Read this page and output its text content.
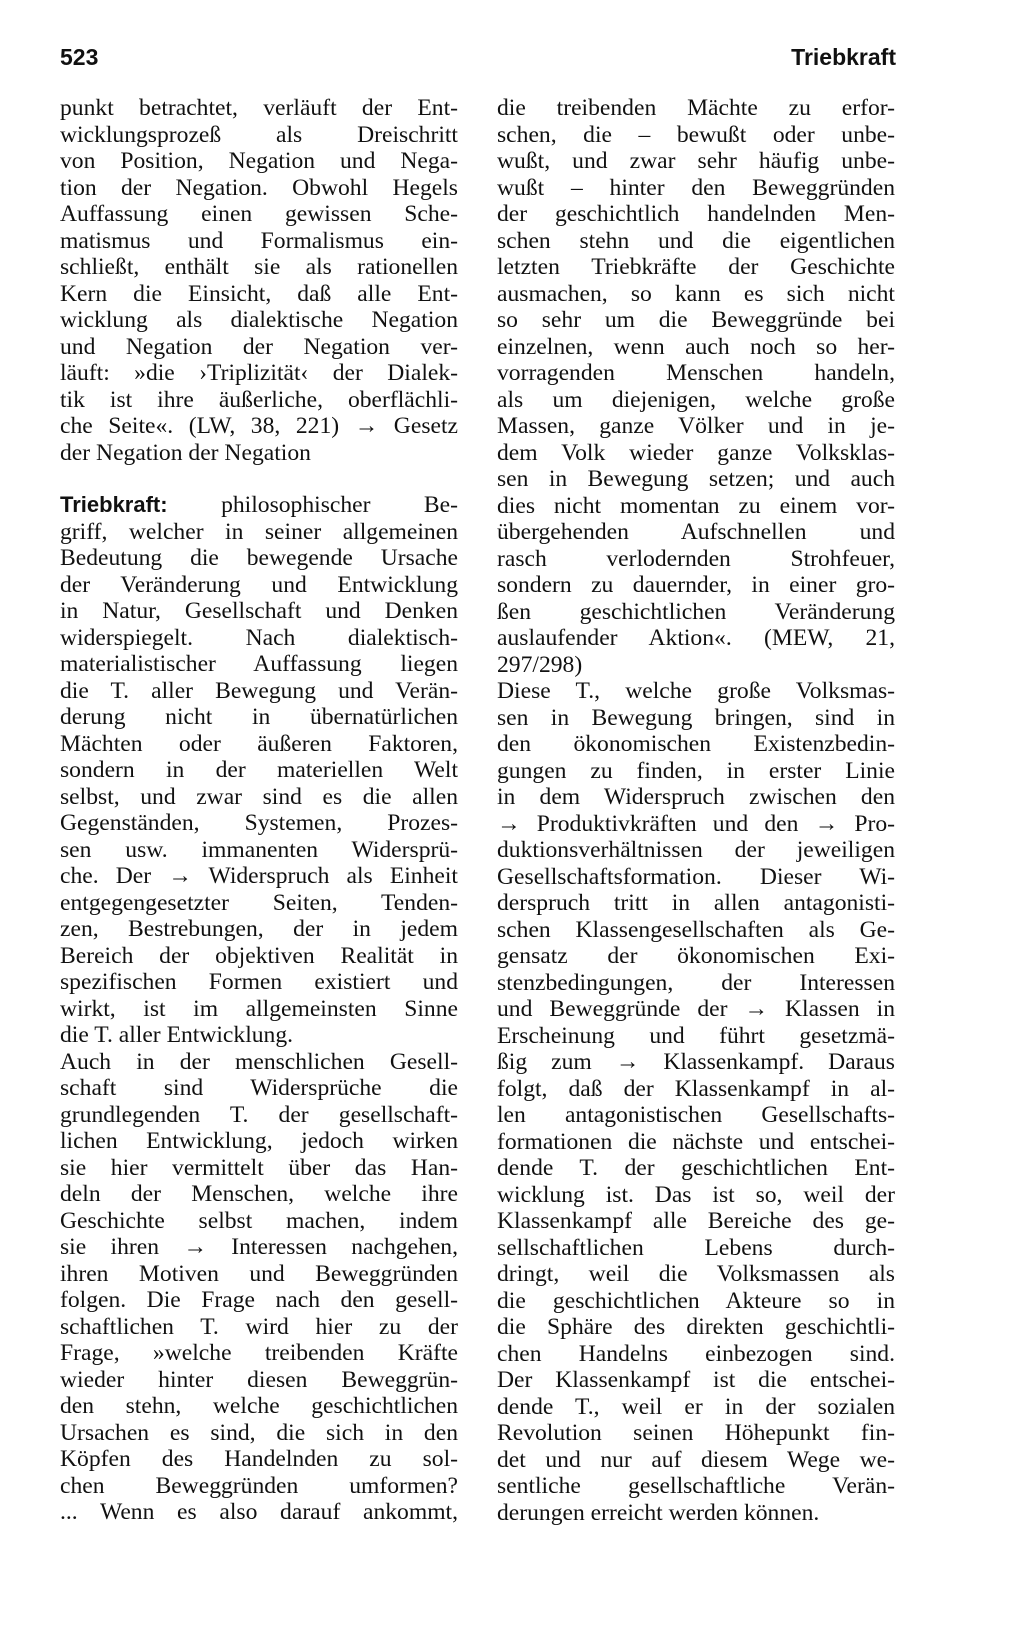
523	Triebkraft
punkt betrachtet, verläuft der Ent-
wicklungsprozeß als Dreischritt
von Position, Negation und Nega-
tion der Negation. Obwohl Hegels
Auffassung einen gewissen Sche-
matismus und Formalismus ein-
schließt, enthält sie als rationellen
Kern die Einsicht, daß alle Ent-
wicklung als dialektische Negation
und Negation der Negation ver-
läuft: »die ›Triplizität‹ der Dialek-
tik ist ihre äußerliche, oberflächli-
che Seite«. (LW, 38, 221) → Gesetz
der Negation der Negation
Triebkraft: philosophischer Be-
griff, welcher in seiner allgemeinen
Bedeutung die bewegende Ursache
der Veränderung und Entwicklung
in Natur, Gesellschaft und Denken
widerspiegelt. Nach dialektisch-
materialistischer Auffassung liegen
die T. aller Bewegung und Verän-
derung nicht in übernatürlichen
Mächten oder äußeren Faktoren,
sondern in der materiellen Welt
selbst, und zwar sind es die allen
Gegenständen, Systemen, Prozes-
sen usw. immanenten Widersprü-
che. Der → Widerspruch als Einheit
entgegengesetzter Seiten, Tenden-
zen, Bestrebungen, der in jedem
Bereich der objektiven Realität in
spezifischen Formen existiert und
wirkt, ist im allgemeinsten Sinne
die T. aller Entwicklung.
Auch in der menschlichen Gesell-
schaft sind Widersprüche die
grundlegenden T. der gesellschaft-
lichen Entwicklung, jedoch wirken
sie hier vermittelt über das Han-
deln der Menschen, welche ihre
Geschichte selbst machen, indem
sie ihren → Interessen nachgehen,
ihren Motiven und Beweggründen
folgen. Die Frage nach den gesell-
schaftlichen T. wird hier zu der
Frage, »welche treibenden Kräfte
wieder hinter diesen Beweggrün-
den stehn, welche geschichtlichen
Ursachen es sind, die sich in den
Köpfen des Handelnden zu sol-
chen Beweggründen umformen?
... Wenn es also darauf ankommt,
die treibenden Mächte zu erfor-
schen, die – bewußt oder unbe-
wußt, und zwar sehr häufig unbe-
wußt – hinter den Beweggründen
der geschichtlich handelnden Men-
schen stehn und die eigentlichen
letzten Triebkräfte der Geschichte
ausmachen, so kann es sich nicht
so sehr um die Beweggründe bei
einzelnen, wenn auch noch so her-
vorragenden Menschen handeln,
als um diejenigen, welche große
Massen, ganze Völker und in je-
dem Volk wieder ganze Volksklas-
sen in Bewegung setzen; und auch
dies nicht momentan zu einem vor-
übergehenden Aufschnellen und
rasch verlodernden Strohfeuer,
sondern zu dauernder, in einer gro-
ßen geschichtlichen Veränderung
auslaufender Aktion«. (MEW, 21,
297/298)
Diese T., welche große Volksmas-
sen in Bewegung bringen, sind in
den ökonomischen Existenzbedin-
gungen zu finden, in erster Linie
in dem Widerspruch zwischen den
→ Produktivkräften und den → Pro-
duktionsverhältnissen der jeweiligen
Gesellschaftsformation. Dieser Wi-
derspruch tritt in allen antagonisti-
schen Klassengesellschaften als Ge-
gensatz der ökonomischen Exi-
stenzbedingungen, der Interessen
und Beweggründe der → Klassen in
Erscheinung und führt gesetzmä-
ßig zum → Klassenkampf. Daraus
folgt, daß der Klassenkampf in al-
len antagonistischen Gesellschafts-
formationen die nächste und entschei-
dende T. der geschichtlichen Ent-
wicklung ist. Das ist so, weil der
Klassenkampf alle Bereiche des ge-
sellschaftlichen Lebens durch-
dringt, weil die Volksmassen als
die geschichtlichen Akteure so in
die Sphäre des direkten geschichtli-
chen Handelns einbezogen sind.
Der Klassenkampf ist die entschei-
dende T., weil er in der sozialen
Revolution seinen Höhepunkt fin-
det und nur auf diesem Wege we-
sentliche gesellschaftliche Verän-
derungen erreicht werden können.
